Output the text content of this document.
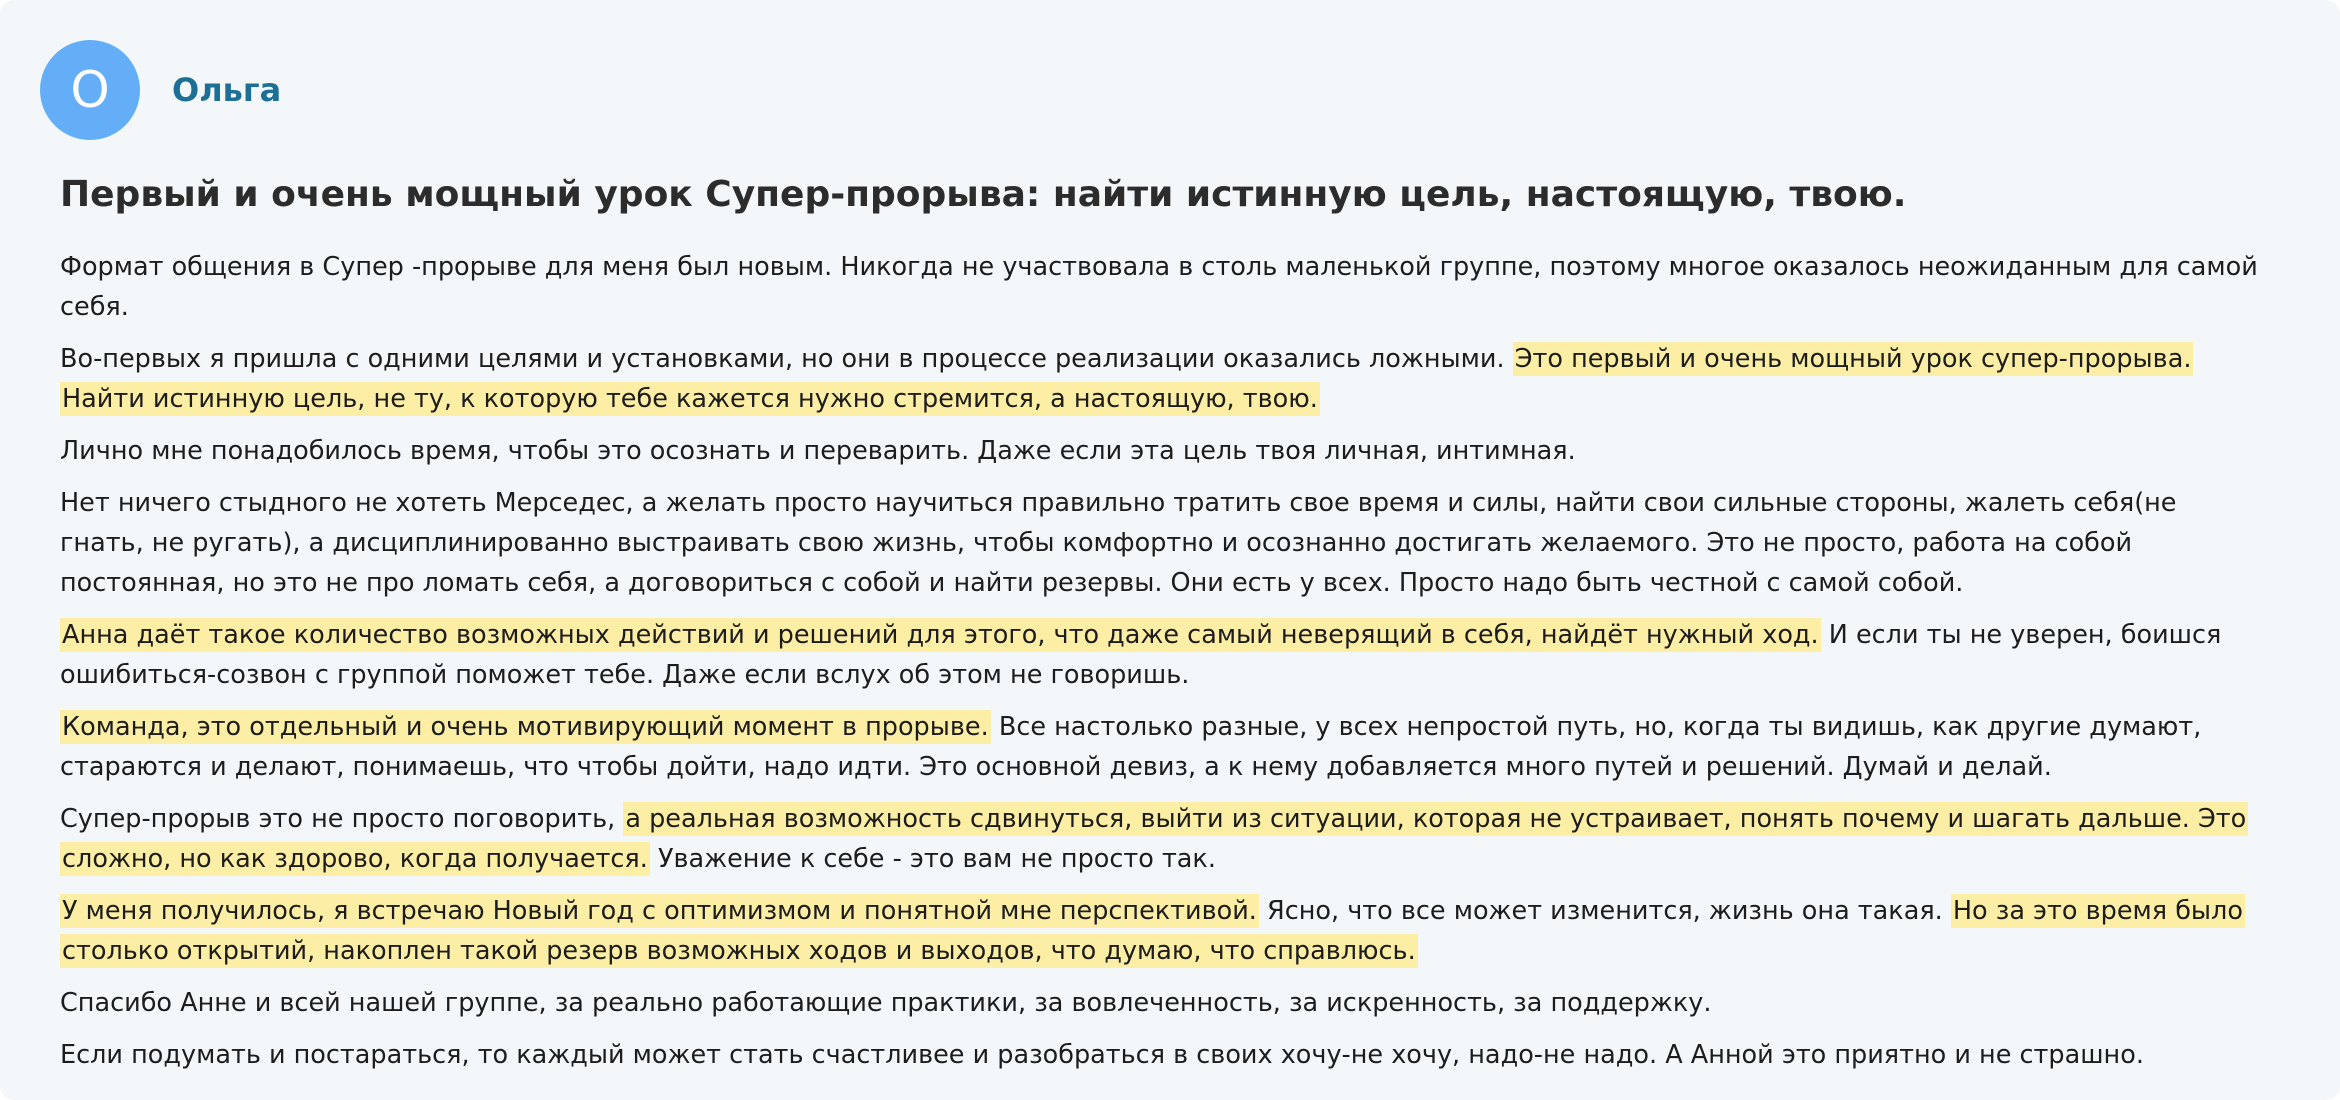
О	Ольга
Первый и очень мощный урок Супер-прорыва: найти истинную цель, настоящую, твою.

Формат общения в Супер -прорыве для меня был новым. Никогда не участвовала в столь маленькой группе, поэтому многое оказалось неожиданным для самой себя.

Во-первых я пришла с одними целями и установками, но они в процессе реализации оказались ложными. Это первый и очень мощный урок супер-прорыва. Найти истинную цель, не ту, к которую тебе кажется нужно стремится, а настоящую, твою.

Лично мне понадобилось время, чтобы это осознать и переварить. Даже если эта цель твоя личная, интимная.

Нет ничего стыдного не хотеть Мерседес, а желать просто научиться правильно тратить свое время и силы, найти свои сильные стороны, жалеть себя(не гнать, не ругать), а дисциплинированно выстраивать свою жизнь, чтобы комфортно и осознанно достигать желаемого. Это не просто, работа на собой постоянная, но это не про ломать себя, а договориться с собой и найти резервы. Они есть у всех. Просто надо быть честной с самой собой.

Анна даёт такое количество возможных действий и решений для этого, что даже самый неверящий в себя, найдёт нужный ход. И если ты не уверен, боишся ошибиться-созвон с группой поможет тебе. Даже если вслух об этом не говоришь.

Команда, это отдельный и очень мотивирующий момент в прорыве. Все настолько разные, у всех непростой путь, но, когда ты видишь, как другие думают, стараются и делают, понимаешь, что чтобы дойти, надо идти. Это основной девиз, а к нему добавляется много путей и решений. Думай и делай.

Супер-прорыв это не просто поговорить, а реальная возможность сдвинуться, выйти из ситуации, которая не устраивает, понять почему и шагать дальше. Это сложно, но как здорово, когда получается. Уважение к себе - это вам не просто так.

У меня получилось, я встречаю Новый год с оптимизмом и понятной мне перспективой. Ясно, что все может изменится, жизнь она такая. Но за это время было столько открытий, накоплен такой резерв возможных ходов и выходов, что думаю, что справлюсь.

Спасибо Анне и всей нашей группе, за реально работающие практики, за вовлеченность, за искренность, за поддержку.

Если подумать и постараться, то каждый может стать счастливее и разобраться в своих хочу-не хочу, надо-не надо. А Анной это приятно и не страшно.
